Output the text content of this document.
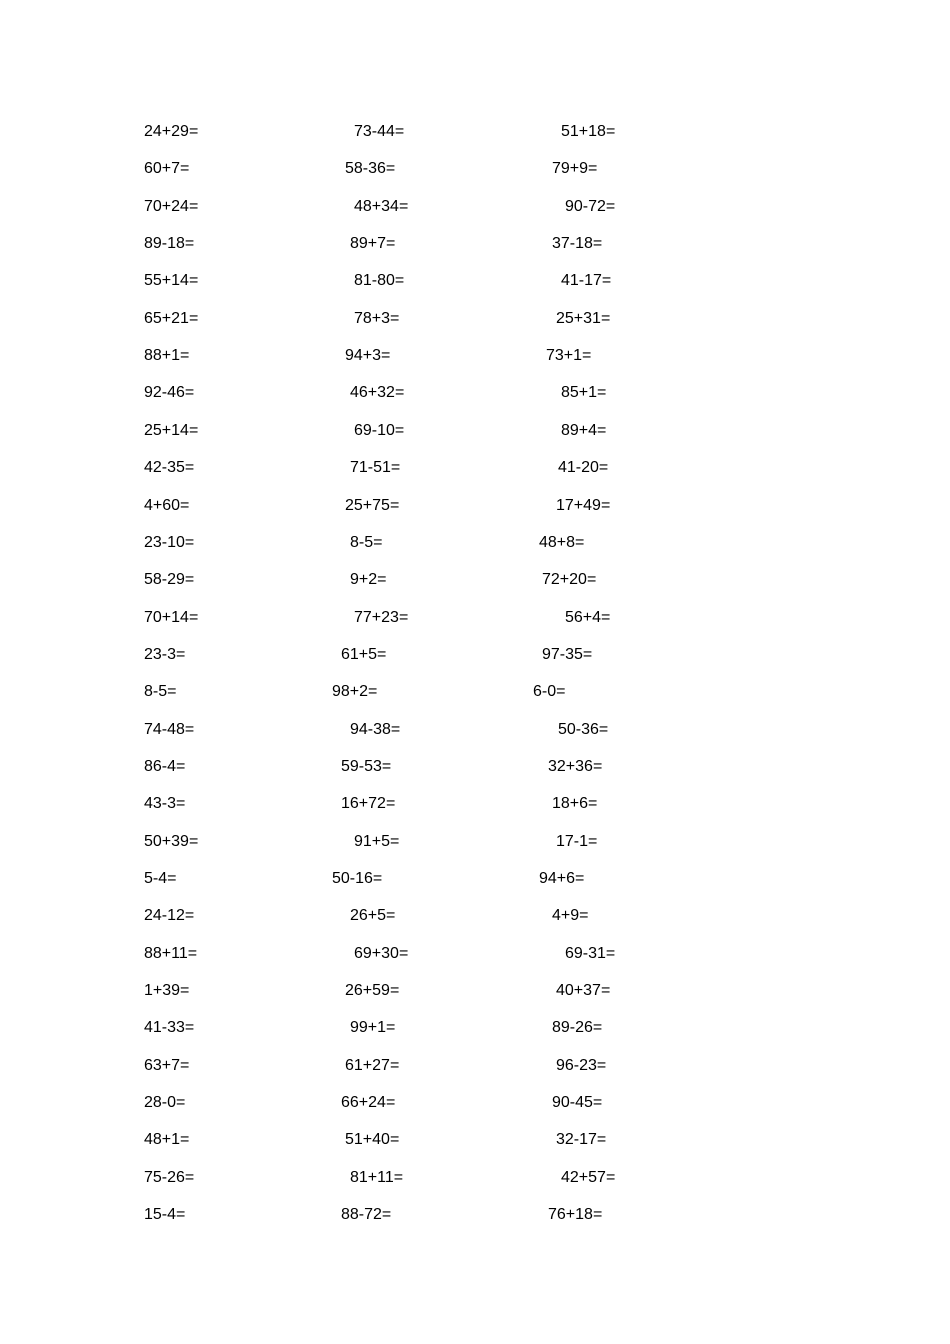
24+29=	73-44=	51+18=
60+7=	58-36=	79+9=
70+24=	48+34=	90-72=
89-18=	89+7=	37-18=
55+14=	81-80=	41-17=
65+21=	78+3=	25+31=
88+1=	94+3=	73+1=
92-46=	46+32=	85+1=
25+14=	69-10=	89+4=
42-35=	71-51=	41-20=
4+60=	25+75=	17+49=
23-10=	8-5=	48+8=
58-29=	9+2=	72+20=
70+14=	77+23=	56+4=
23-3=	61+5=	97-35=
8-5=	98+2=	6-0=
74-48=	94-38=	50-36=
86-4=	59-53=	32+36=
43-3=	16+72=	18+6=
50+39=	91+5=	17-1=
5-4=	50-16=	94+6=
24-12=	26+5=	4+9=
88+11=	69+30=	69-31=
1+39=	26+59=	40+37=
41-33=	99+1=	89-26=
63+7=	61+27=	96-23=
28-0=	66+24=	90-45=
48+1=	51+40=	32-17=
75-26=	81+11=	42+57=
15-4=	88-72=	76+18=
